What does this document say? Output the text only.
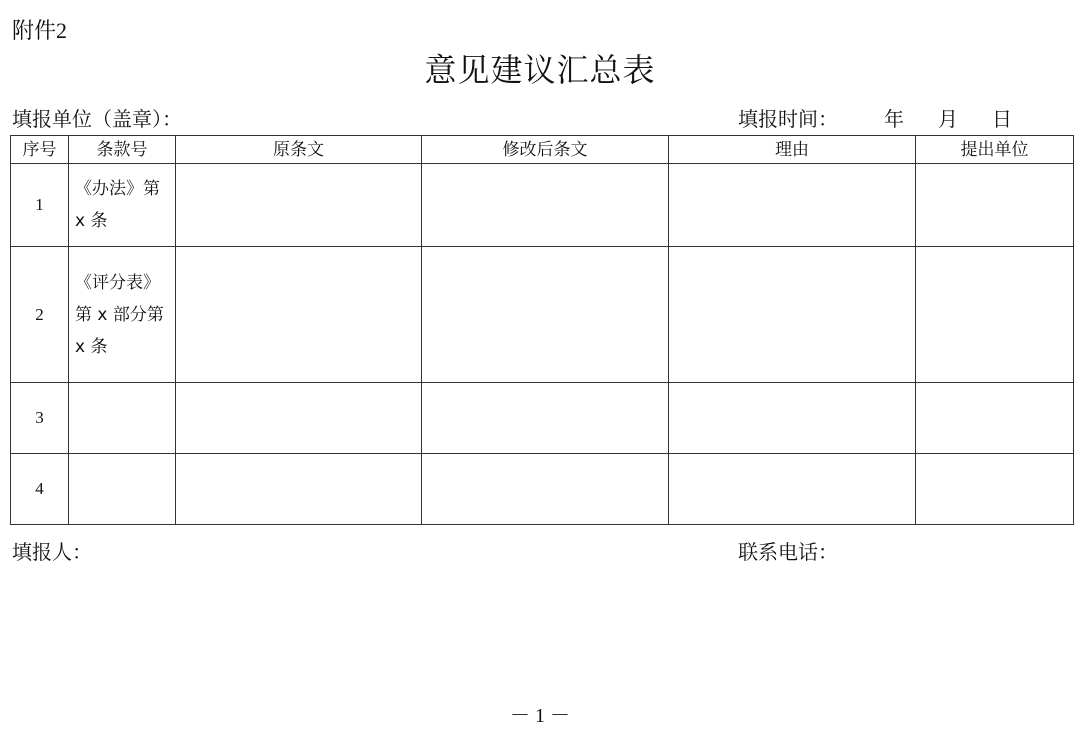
附件2
意见建议汇总表
填报单位（盖章）：	填报时间： 年 月 日
序号	条款号	原条文	修改后条文	理由	提出单位
1	《办法》第
x 条				

2	《评分表》
第 x 部分第
x 条				

3					
4					
填报人：	联系电话：
－ 1 －
